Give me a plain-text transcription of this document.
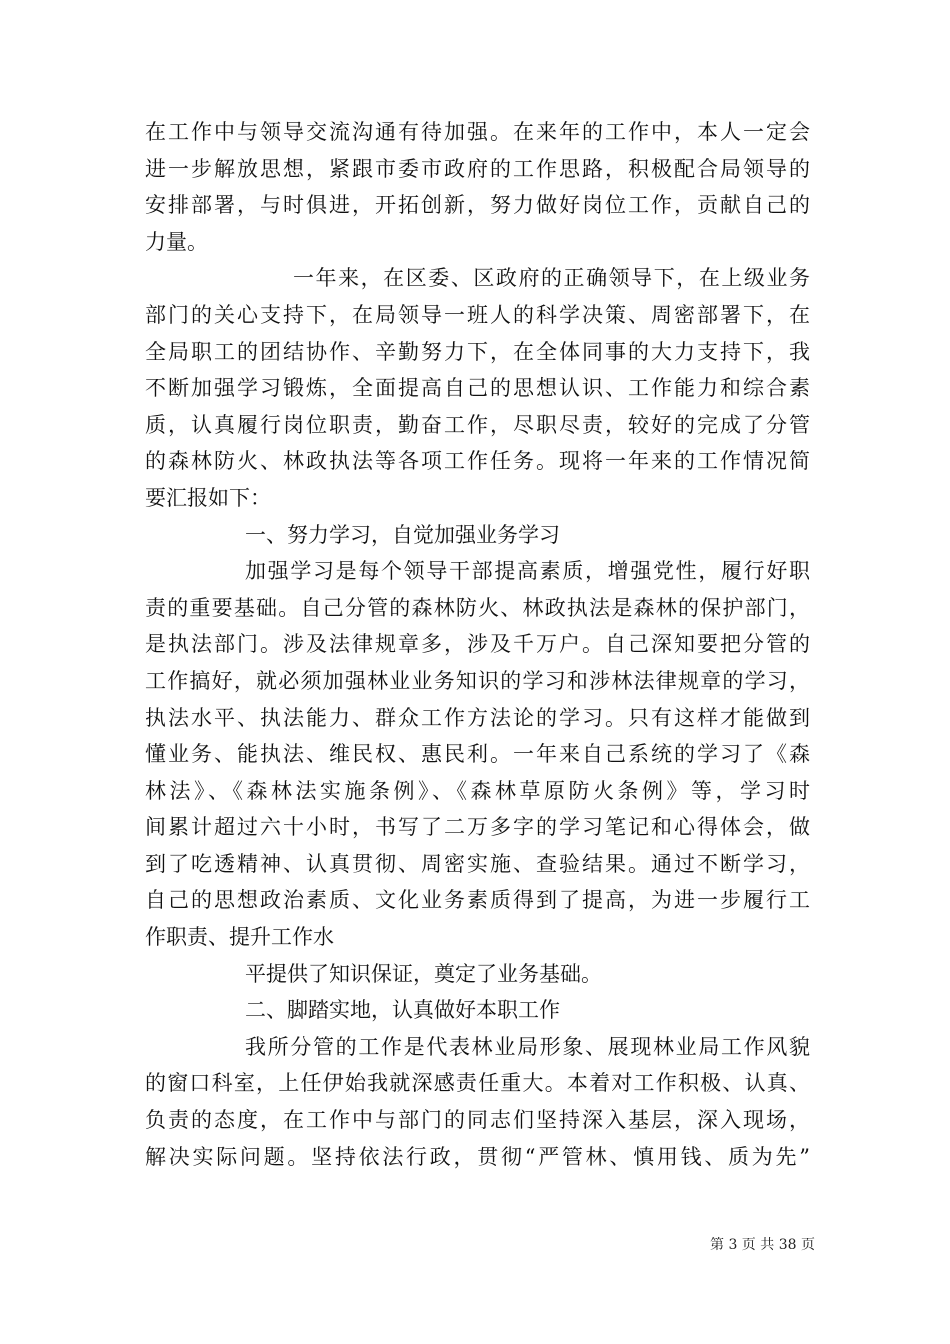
在工作中与领导交流沟通有待加强。在来年的工作中，本人一定会
进一步解放思想，紧跟市委市政府的工作思路，积极配合局领导的
安排部署，与时俱进，开拓创新，努力做好岗位工作，贡献自己的
力量。
一年来，在区委、区政府的正确领导下，在上级业务
部门的关心支持下，在局领导一班人的科学决策、周密部署下，在
全局职工的团结协作、辛勤努力下，在全体同事的大力支持下，我
不断加强学习锻炼，全面提高自己的思想认识、工作能力和综合素
质，认真履行岗位职责，勤奋工作，尽职尽责，较好的完成了分管
的森林防火、林政执法等各项工作任务。现将一年来的工作情况简
要汇报如下：
一、努力学习，自觉加强业务学习
加强学习是每个领导干部提高素质，增强党性，履行好职
责的重要基础。自己分管的森林防火、林政执法是森林的保护部门，
是执法部门。涉及法律规章多，涉及千万户。自己深知要把分管的
工作搞好，就必须加强林业业务知识的学习和涉林法律规章的学习，
执法水平、执法能力、群众工作方法论的学习。只有这样才能做到
懂业务、能执法、维民权、惠民利。一年来自己系统的学习了《森
林法》、《森林法实施条例》、《森林草原防火条例》等，学习时
间累计超过六十小时，书写了二万多字的学习笔记和心得体会，做
到了吃透精神、认真贯彻、周密实施、查验结果。通过不断学习，
自己的思想政治素质、文化业务素质得到了提高，为进一步履行工
作职责、提升工作水
平提供了知识保证，奠定了业务基础。
二、脚踏实地，认真做好本职工作
我所分管的工作是代表林业局形象、展现林业局工作风貌
的窗口科室，上任伊始我就深感责任重大。本着对工作积极、认真、
负责的态度，在工作中与部门的同志们坚持深入基层，深入现场，
解决实际问题。坚持依法行政，贯彻“严管林、慎用钱、质为先”
第 3 页 共 38 页
